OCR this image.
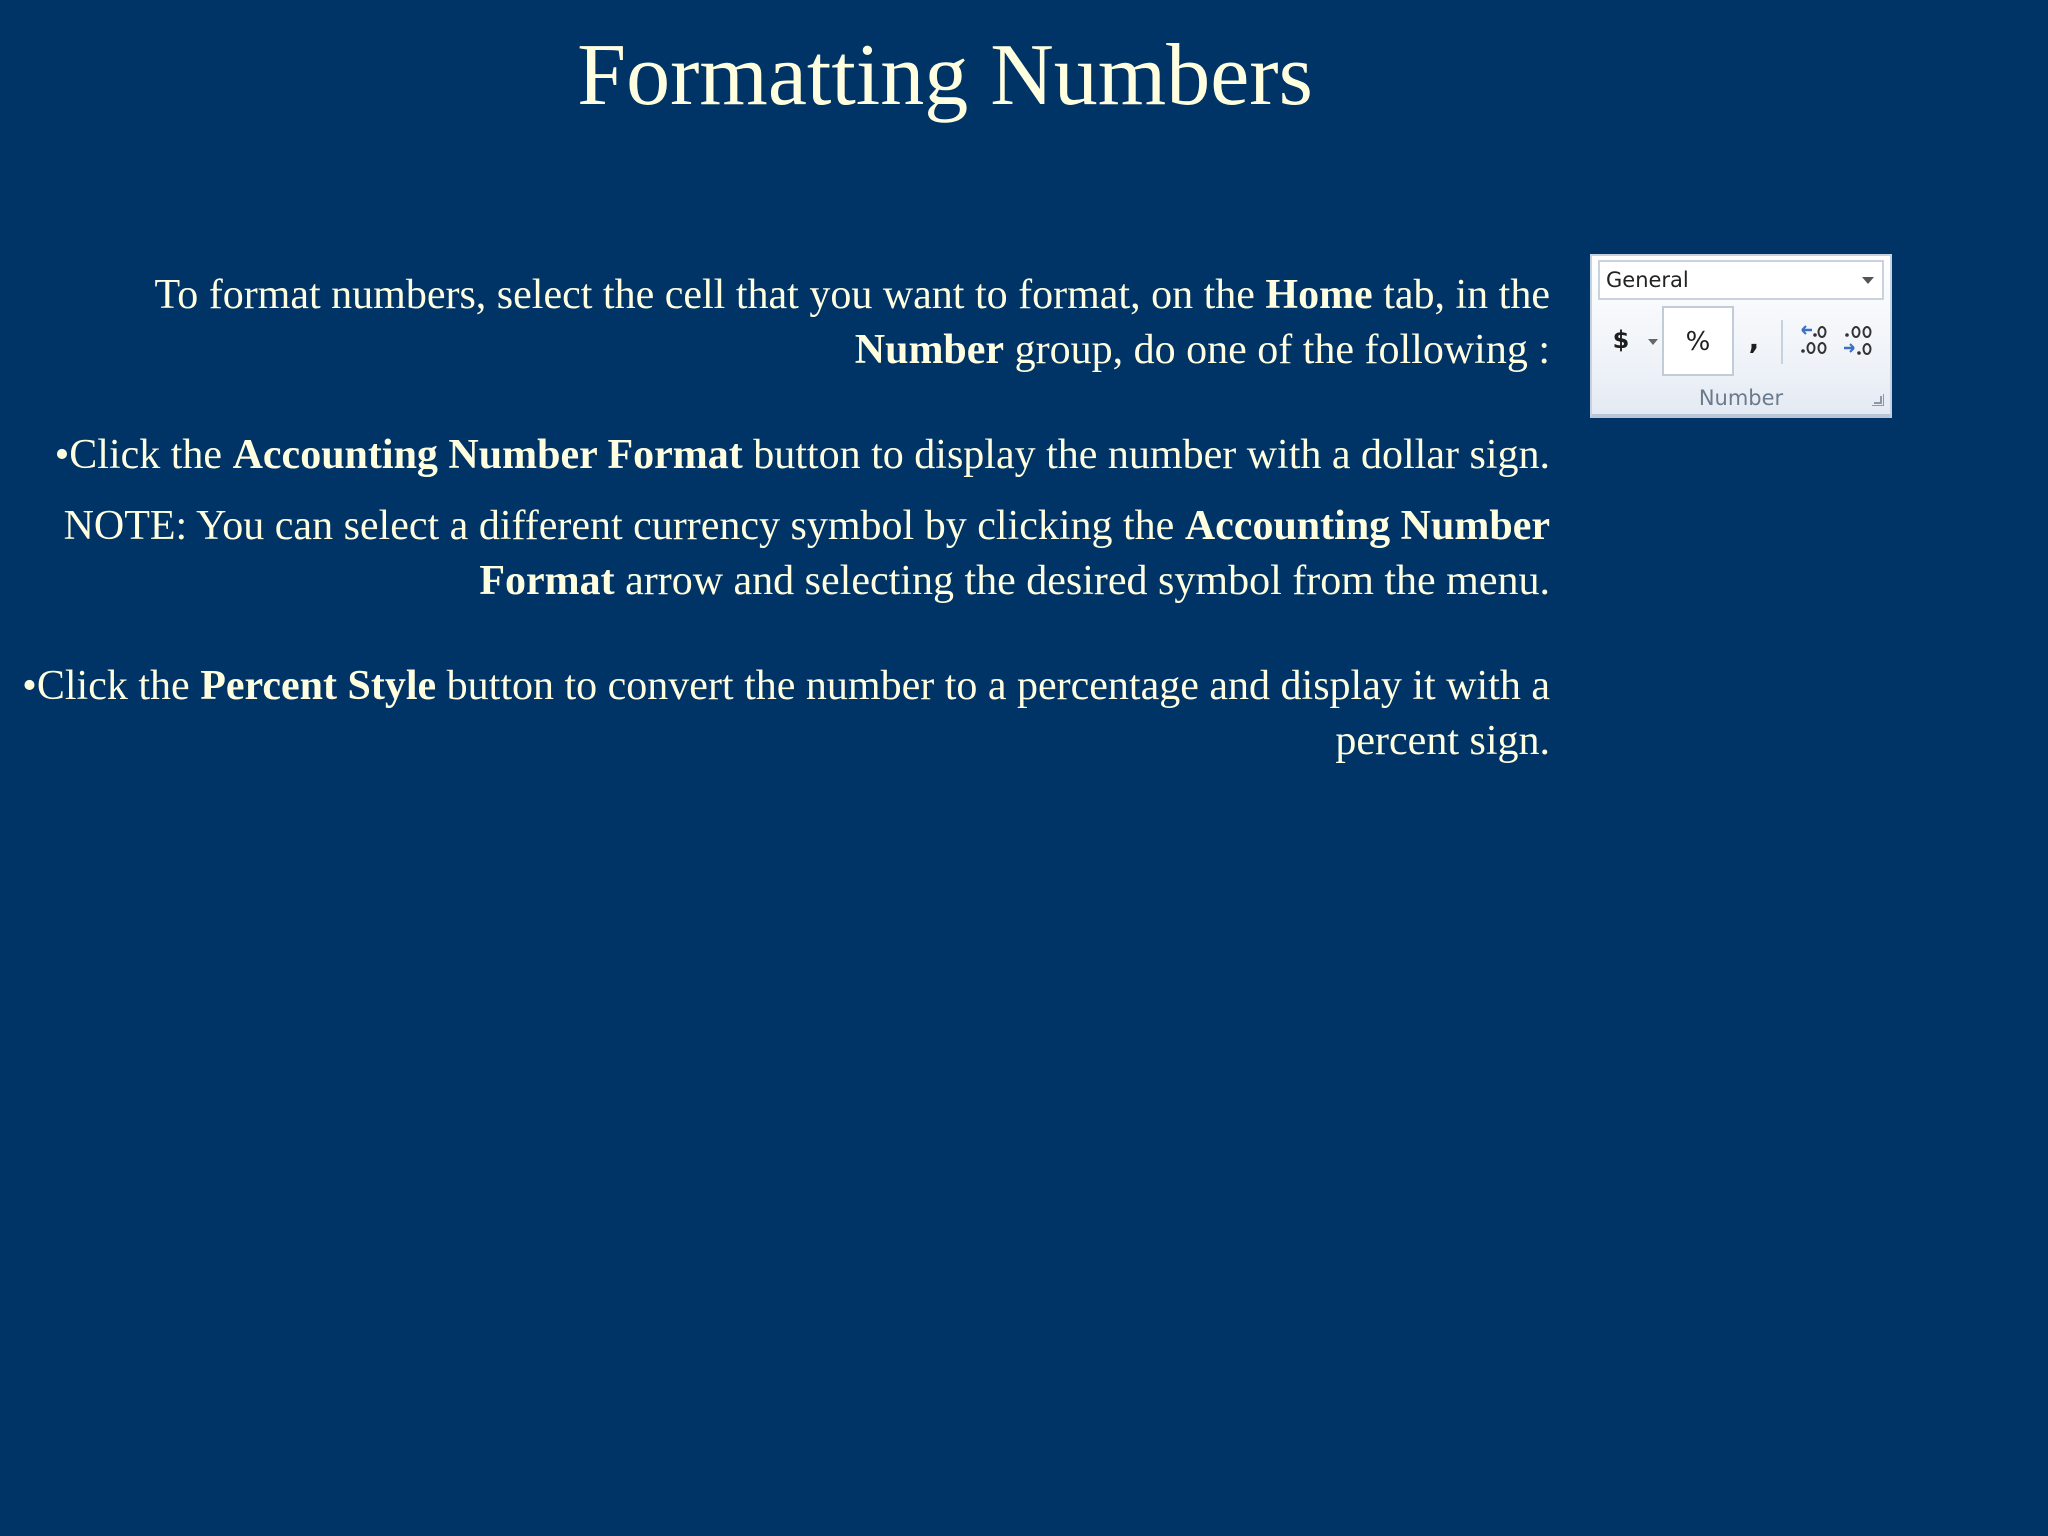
Formatting Numbers

To format numbers, select the cell that you want to format, on the Home tab, in the Number group, do one of the following :

•Click the Accounting Number Format button to display the number with a dollar sign.

NOTE: You can select a different currency symbol by clicking the Accounting Number Format arrow and selecting the desired symbol from the menu.

•Click the Percent Style button to convert the number to a percentage and display it with a percent sign.

General
$	%	,
Number
